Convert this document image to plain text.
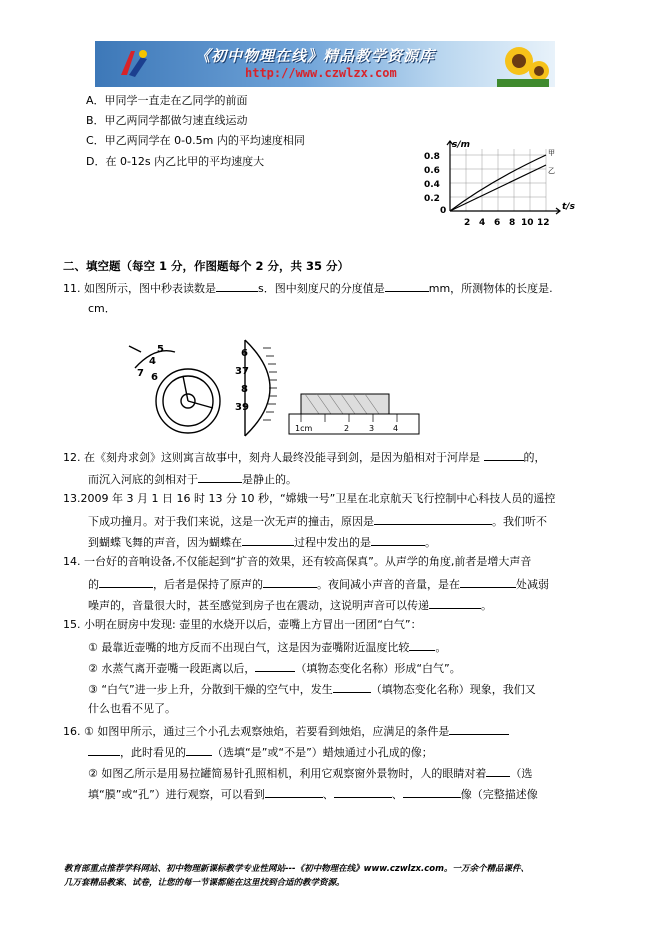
《初中物理在线》精品教学资源库
http://www.czwlzx.com
A．甲同学一直走在乙同学的前面
B．甲乙两同学都做匀速直线运动
C．甲乙两同学在 0-0.5m 内的平均速度相同
D．在 0-12s 内乙比甲的平均速度大
s/m
t/s
0.8
0.6
0.4
0.2
0
2 4 6 8 10 12
甲
乙
二、填空题（每空 1 分，作图题每个 2 分，共 35 分）
11. 如图所示，图中秒表读数是	s．图中刻度尺的分度值是	mm，所测物体的长度是.
cm．
5
4
7 6
6
37
8
39
1cm	2 3 4
12. 在《刻舟求剑》这则寓言故事中，刻舟人最终没能寻到剑，是因为船相对于河岸是	的，
而沉入河底的剑相对于	是静止的。
13.2009 年 3 月 1 日 16 时 13 分 10 秒，“嫦娥一号”卫星在北京航天飞行控制中心科技人员的遥控
下成功撞月。对于我们来说，这是一次无声的撞击，原因是	。我们听不
到蝴蝶飞舞的声音，因为蝴蝶在	过程中发出的是	。
14. 一台好的音响设备,不仅能起到“扩音的效果，还有较高保真”。从声学的角度,前者是增大声音
的	，后者是保持了原声的	。夜间减小声音的音量，是在	处减弱
噪声的，音量很大时，甚至感觉到房子也在震动，这说明声音可以传递	。
15. 小明在厨房中发现: 壶里的水烧开以后，壶嘴上方冒出一团团“白气”：
① 最靠近壶嘴的地方反而不出现白气，这是因为壶嘴附近温度比较 。
② 水蒸气离开壶嘴一段距离以后，	（填物态变化名称）形成“白气”。
③ “白气”进一步上升，分散到干燥的空气中，发生	（填物态变化名称）现象，我们又
什么也看不见了。
16. ① 如图甲所示，通过三个小孔去观察烛焰，若要看到烛焰，应满足的条件是
，此时看见的 （选填“是”或“不是”）蜡烛通过小孔成的像；
② 如图乙所示是用易拉罐简易针孔照相机，利用它观察窗外景物时，人的眼睛对着 （选
填“膜”或“孔”）进行观察，可以看到	、	、	像（完整描述像
教育部重点推荐学科网站、初中物理新课标教学专业性网站---《初中物理在线》www.czwlzx.com。一万余个精品课件、
几万套精品教案、试卷，让您的每一节课都能在这里找到合适的教学资源。
